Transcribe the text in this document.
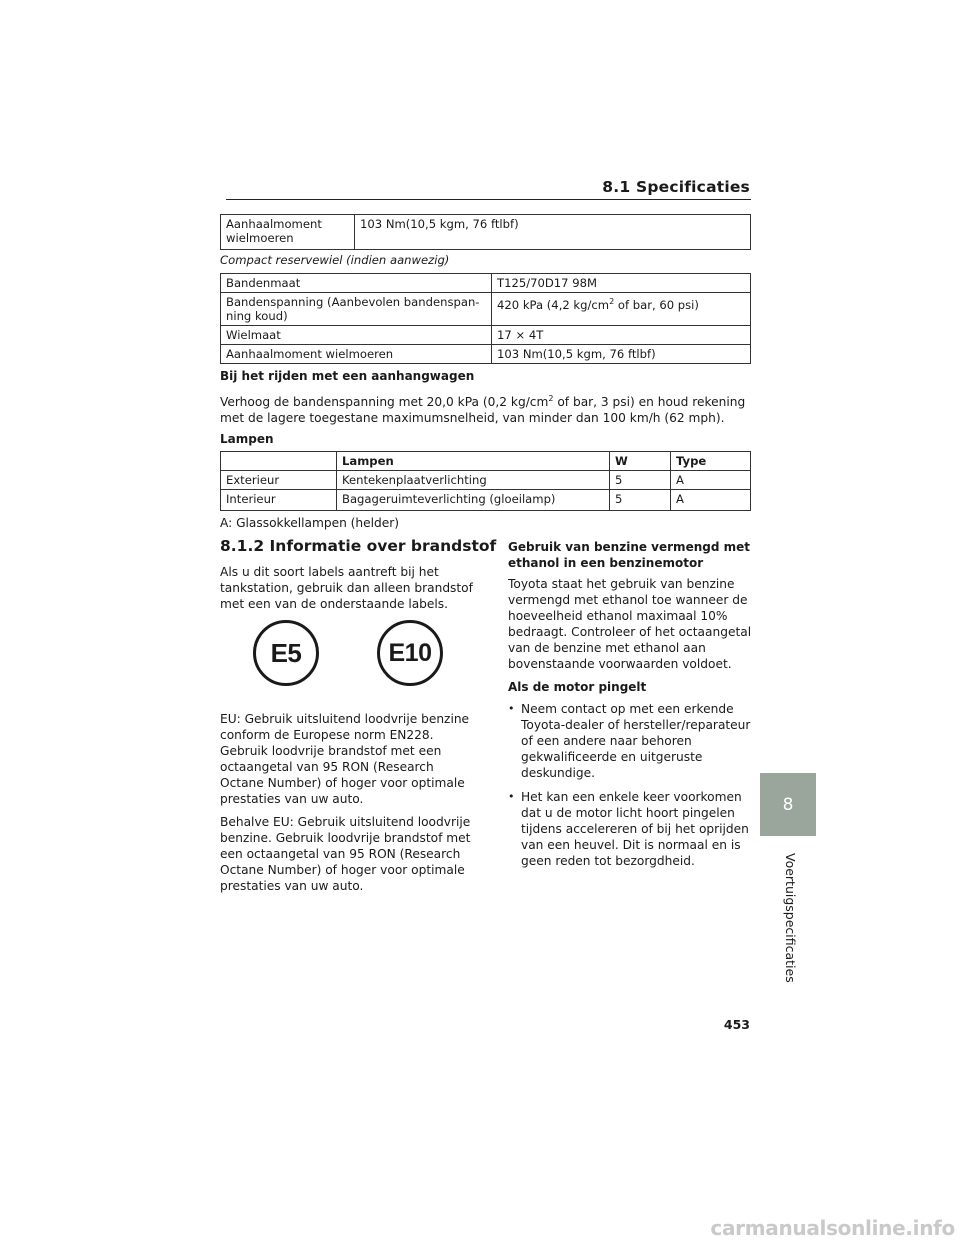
8.1 Specificaties
Aanhaalmoment
wielmoeren	103 Nm(10,5 kgm, 76 ftlbf)
Compact reservewiel (indien aanwezig)
Bandenmaat	T125/70D17 98M
Bandenspanning (Aanbevolen bandenspan-
ning koud)	420 kPa (4,2 $kg/cm^2$ of bar, 60 psi)
Wielmaat	17 × 4T
Aanhaalmoment wielmoeren	103 Nm(10,5 kgm, 76 ftlbf)
Bij het rijden met een aanhangwagen
Verhoog de bandenspanning met 20,0 kPa (0,2 $kg/cm^2$ of bar, 3 psi) en houd rekening met de lagere toegestane maximumsnelheid, van minder dan 100 km/h (62 mph).
Lampen
	Lampen	W	Type
Exterieur	Kentekenplaatverlichting	5	A
Interieur	Bagageruimteverlichting (gloeilamp)	5	A
A: Glassokkellampen (helder)
8.1.2 Informatie over brandstof
Als u dit soort labels aantreft bij het tankstation, gebruik dan alleen brandstof met een van de onderstaande labels.
E5	E10
EU: Gebruik uitsluitend loodvrije benzine conform de Europese norm EN228. Gebruik loodvrije brandstof met een octaangetal van 95 RON (Research Octane Number) of hoger voor optimale prestaties van uw auto.
Behalve EU: Gebruik uitsluitend loodvrije benzine. Gebruik loodvrije brandstof met een octaangetal van 95 RON (Research Octane Number) of hoger voor optimale prestaties van uw auto.
Gebruik van benzine vermengd met ethanol in een benzinemotor
Toyota staat het gebruik van benzine vermengd met ethanol toe wanneer de hoeveelheid ethanol maximaal 10% bedraagt. Controleer of het octaangetal van de benzine met ethanol aan bovenstaande voorwaarden voldoet.
Als de motor pingelt
• Neem contact op met een erkende Toyota-dealer of hersteller/reparateur of een andere naar behoren gekwalificeerde en uitgeruste deskundige.
• Het kan een enkele keer voorkomen dat u de motor licht hoort pingelen tijdens accelereren of bij het oprijden van een heuvel. Dit is normaal en is geen reden tot bezorgdheid.
8
Voertuigspecificaties
453
carmanualsonline.info
